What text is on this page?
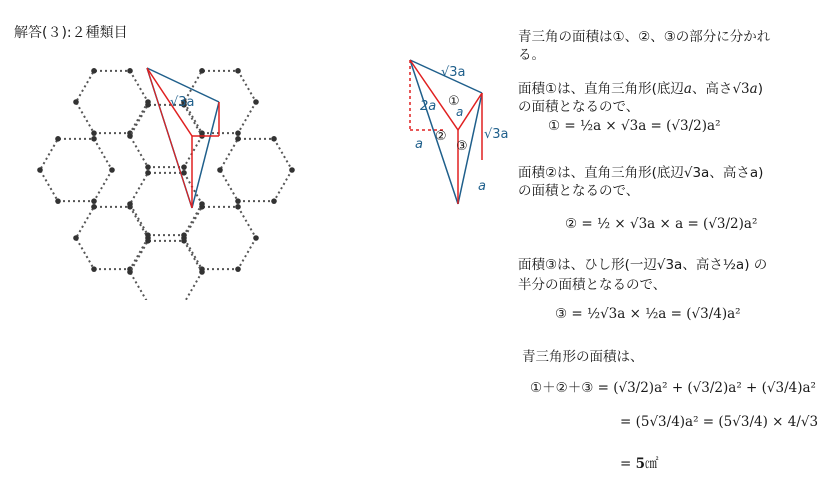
解答(３):２種類目
√3a
√3a
2a
a
a
√3a
a
①
②
③
青三角の面積は①、②、③の部分に分かれ
る。
面積①は、直角三角形(底辺a、高さ√3a)
の面積となるので、
① = ½a × √3a = (√3/2)a²
面積②は、直角三角形(底辺√3a、高さa)
の面積となるので、
② = ½ × √3a × a = (√3/2)a²
面積③は、ひし形(一辺√3a、高さ½a) の
半分の面積となるので、
③ = ½√3a × ½a = (√3/4)a²
青三角形の面積は、
①＋②＋③ = (√3/2)a² + (√3/2)a² + (√3/4)a²
= (5√3/4)a² = (5√3/4) × 4/√3
= 5㎠
